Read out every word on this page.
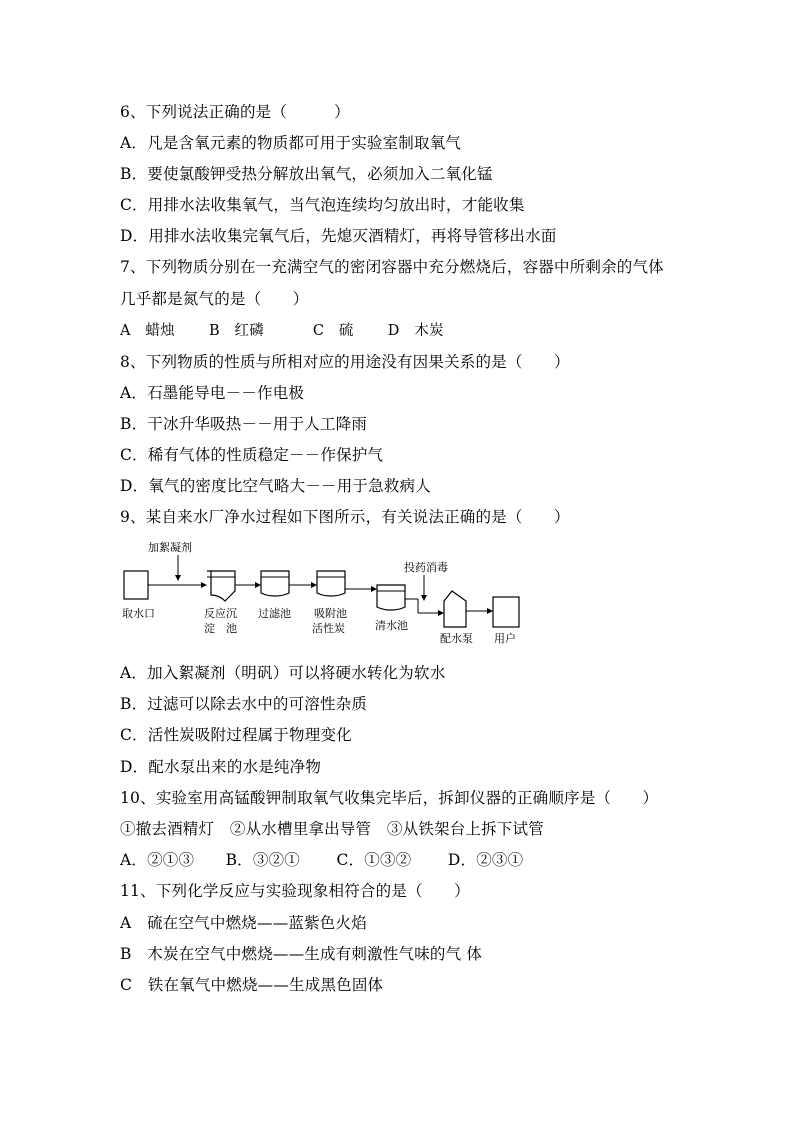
6、下列说法正确的是（　　　）
A．凡是含氧元素的物质都可用于实验室制取氧气
B．要使氯酸钾受热分解放出氧气，必须加入二氧化锰
C．用排水法收集氧气，当气泡连续均匀放出时，才能收集
D．用排水法收集完氧气后，先熄灭酒精灯，再将导管移出水面
7、下列物质分别在一充满空气的密闭容器中充分燃烧后，容器中所剩余的气体
几乎都是氮气的是（　　）
A　蜡烛　　 B　红磷　　　 C　硫　　 D　木炭
8、下列物质的性质与所相对应的用途没有因果关系的是（　　）
A．石墨能导电－－作电极
B．干冰升华吸热－－用于人工降雨
C．稀有气体的性质稳定－－作保护气
D．氧气的密度比空气略大－－用于急救病人
9、某自来水厂净水过程如下图所示，有关说法正确的是（　　）
加絮凝剂
投药消毒
取水口	反应沉
淀　池
过滤池 吸附池
活性炭	清水池
配水泵 用户
A．加入絮凝剂（明矾）可以将硬水转化为软水
B．过滤可以除去水中的可溶性杂质
C．活性炭吸附过程属于物理变化
D．配水泵出来的水是纯净物
10、实验室用高锰酸钾制取氧气收集完毕后，拆卸仪器的正确顺序是（　　）
①撤去酒精灯　②从水槽里拿出导管　③从铁架台上拆下试管
A．②①③　　B．③②①　　 C．①③②　　 D．②③①
11、下列化学反应与实验现象相符合的是（　　）
A　硫在空气中燃烧——蓝紫色火焰
B　木炭在空气中燃烧——生成有刺激性气味的气 体
C　铁在氧气中燃烧——生成黑色固体
